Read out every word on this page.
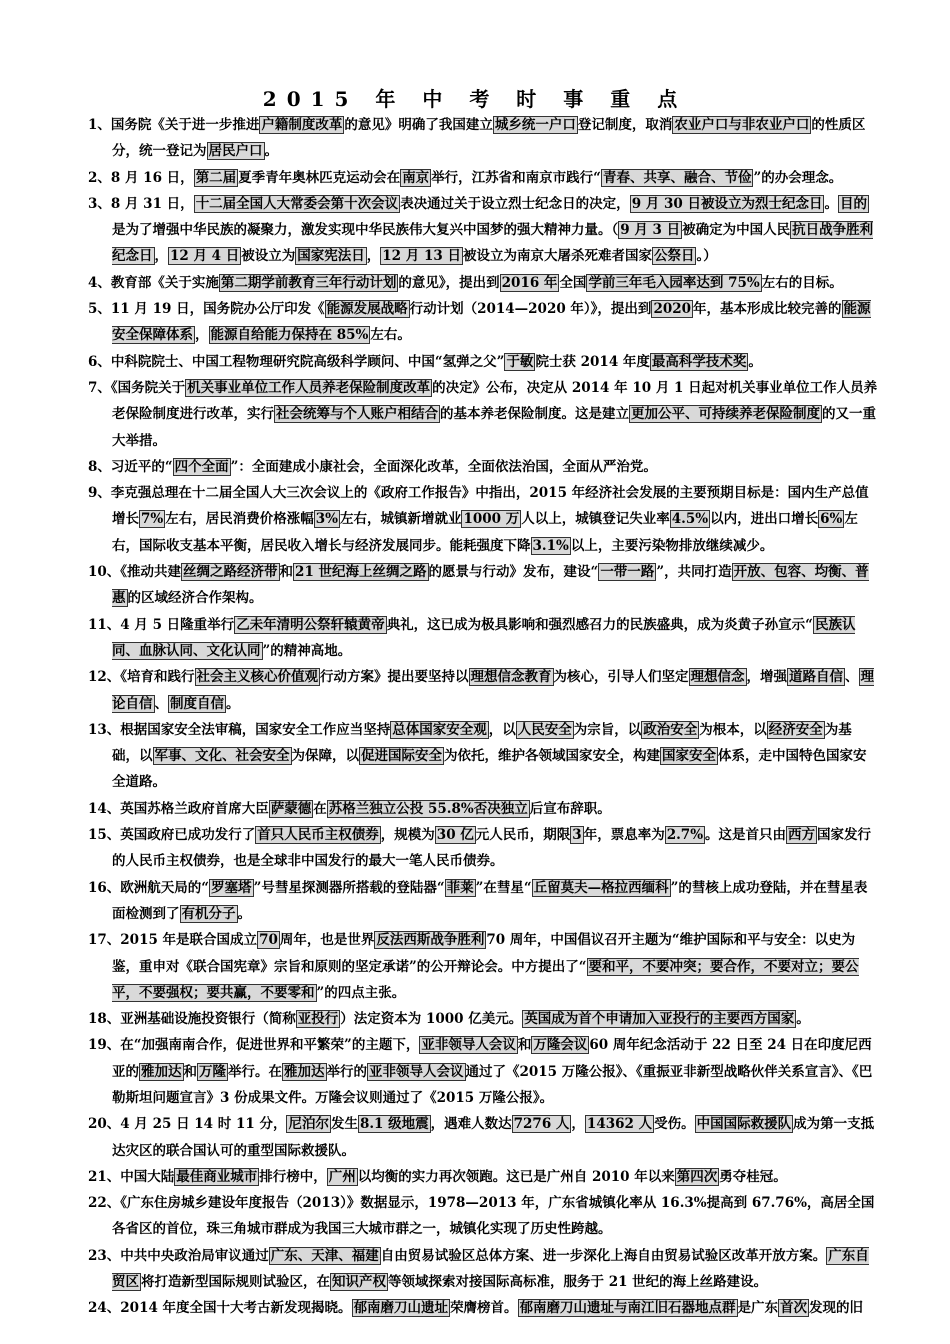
2015 年 中 考 时 事 重 点
1、国务院《关于进一步推进 户籍制度改革 的意见》明确了我国建立 城乡统一户口 登记制度，取消 农业户口与非农业户口 的性质区分，统一登记为 居民户口 。
2、8 月 16 日， 第二届 夏季青年奥林匹克运动会在 南京 举行，江苏省和南京市践行“ 青春、共享、融合、节俭 ”的办会理念。
3、8 月 31 日， 十二届全国人大常委会第十次会议 表决通过关于设立烈士纪念日的决定， 9 月 30 日被设立为烈士纪念日 。 目的是为了增强中华民族的凝聚力，激发实现中华民族伟大复兴中国梦的强大精神力量。（ 9 月 3 日 被确定为中国人民 抗日战争胜利纪念日 ， 12 月 4 日 被设立为 国家宪法日 ， 12 月 13 日 被设立为南京大屠杀死难者国家 公祭日 。）
4、教育部《关于实施 第二期学前教育三年行动计划 的意见》，提出到 2016 年 全国 学前三年毛入园率达到 75% 左右的目标。
5、11 月 19 日，国务院办公厅印发《 能源发展战略 行动计划（2014—2020 年）》，提出到 2020 年，基本形成比较完善的 能源安全保障体系 ， 能源自给能力保持在 85% 左右。
6、中科院院士、中国工程物理研究院高级科学顾问、中国“氢弹之父” 于敏 院士获 2014 年度 最高科学技术奖 。
7、《国务院关于 机关事业单位工作人员养老保险制度改革 的决定》公布，决定从 2014 年 10 月 1 日起对机关事业单位工作人员养老保险制度进行改革，实行 社会统筹与个人账户相结合 的基本养老保险制度。这是建立 更加公平、可持续养老保险制度 的又一重大举措。
8、习近平的“ 四个全面 ”：全面建成小康社会，全面深化改革，全面依法治国，全面从严治党。
9、李克强总理在十二届全国人大三次会议上的《政府工作报告》中指出，2015 年经济社会发展的主要预期目标是：国内生产总值增长 7% 左右，居民消费价格涨幅 3% 左右，城镇新增就业 1000 万 人以上，城镇登记失业率 4.5% 以内，进出口增长 6% 左右，国际收支基本平衡，居民收入增长与经济发展同步。能耗强度下降 3.1% 以上，主要污染物排放继续减少。
10、《推动共建 丝绸之路经济带 和 21 世纪海上丝绸之路 的愿景与行动》发布，建设“ 一带一路 ”，共同打造 开放、包容、均衡、普惠 的区域经济合作架构。
11、4 月 5 日隆重举行 乙未年清明公祭轩辕黄帝 典礼，这已成为极具影响和强烈感召力的民族盛典，成为炎黄子孙宣示“ 民族认同、血脉认同、文化认同 ”的精神高地。
12、《培育和践行 社会主义核心价值观 行动方案》提出要坚持以 理想信念教育 为核心，引导人们坚定 理想信念 ，增强 道路自信 、 理论自信 、 制度自信 。
13、根据国家安全法审稿，国家安全工作应当坚持 总体国家安全观 ，以 人民安全 为宗旨，以 政治安全 为根本，以 经济安全 为基础，以 军事、文化、社会安全 为保障，以 促进国际安全 为依托，维护各领域国家安全，构建 国家安全 体系，走中国特色国家安全道路。
14、英国苏格兰政府首席大臣 萨蒙德 在 苏格兰独立公投 55.8%否决独立 后宣布辞职。
15、英国政府已成功发行了 首只人民币主权债券 ，规模为 30 亿 元人民币，期限 3 年，票息率为 2.7% 。这是首只由 西方 国家发行的人民币主权债券，也是全球非中国发行的最大一笔人民币债券。
16、欧洲航天局的“ 罗塞塔 ”号彗星探测器所搭载的登陆器“ 菲莱 ”在彗星“ 丘留莫夫—格拉西缅科 ”的彗核上成功登陆，并在彗星表面检测到了 有机分子 。
17、2015 年是联合国成立 70 周年，也是世界 反法西斯战争胜利 70 周年，中国倡议召开主题为“维护国际和平与安全：以史为鉴，重申对《联合国宪章》宗旨和原则的坚定承诺”的公开辩论会。中方提出了“ 要和平，不要冲突；要合作，不要对立；要公平，不要强权；要共赢，不要零和 ”的四点主张。
18、亚洲基础设施投资银行（简称 亚投行 ）法定资本为 1000 亿美元。 英国成为首个申请加入亚投行的主要西方国家 。
19、在“加强南南合作，促进世界和平繁荣”的主题下， 亚非领导人会议 和 万隆会议 60 周年纪念活动于 22 日至 24 日在印度尼西亚的 雅加达 和 万隆 举行。在 雅加达 举行的 亚非领导人会议 通过了《2015 万隆公报》、《重振亚非新型战略伙伴关系宣言》、《巴勒斯坦问题宣言》3 份成果文件。万隆会议则通过了《2015 万隆公报》。
20、4 月 25 日 14 时 11 分， 尼泊尔 发生 8.1 级地震 ，遇难人数达 7276 人 ， 14362 人 受伤。 中国国际救援队 成为第一支抵达灾区的联合国认可的重型国际救援队。
21、中国大陆 最佳商业城市 排行榜中， 广州 以均衡的实力再次领跑。这已是广州自 2010 年以来 第四次 勇夺桂冠。
22、《广东住房城乡建设年度报告（2013）》数据显示，1978—2013 年，广东省城镇化率从 16.3%提高到 67.76%，高居全国各省区的首位，珠三角城市群成为我国三大城市群之一，城镇化实现了历史性跨越。
23、中共中央政治局审议通过 广东、天津、福建 自由贸易试验区总体方案、进一步深化上海自由贸易试验区改革开放方案。 广东自贸区 将打造新型国际规则试验区，在 知识产权 等领域探索对接国际高标准，服务于 21 世纪的海上丝路建设。
24、2014 年度全国十大考古新发现揭晓。 郁南磨刀山遗址 荣膺榜首。 郁南磨刀山遗址与南江旧石器地点群 是广东 首次 发现的旧
